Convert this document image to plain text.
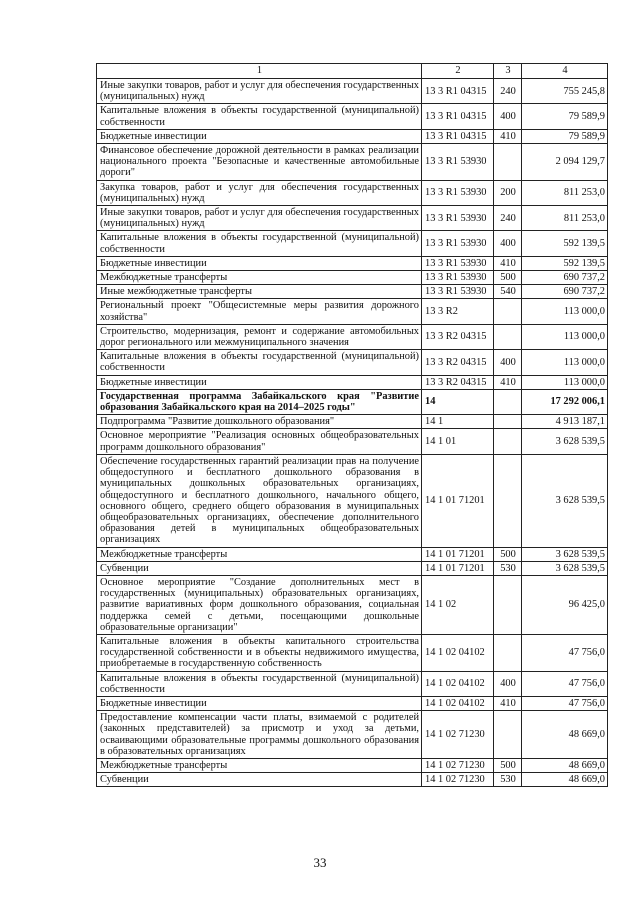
1	2	3	4
Иные закупки товаров, работ и услуг для обеспечения государственных (муниципальных) нужд	13 3 R1 04315	240	755 245,8
Капитальные вложения в объекты государственной (муниципальной) собственности	13 3 R1 04315	400	79 589,9
Бюджетные инвестиции	13 3 R1 04315	410	79 589,9
Финансовое обеспечение дорожной деятельности в рамках реализации национального проекта "Безопасные и качественные автомобильные дороги"	13 3 R1 53930		2 094 129,7
Закупка товаров, работ и услуг для обеспечения государственных (муниципальных) нужд	13 3 R1 53930	200	811 253,0
Иные закупки товаров, работ и услуг для обеспечения государственных (муниципальных) нужд	13 3 R1 53930	240	811 253,0
Капитальные вложения в объекты государственной (муниципальной) собственности	13 3 R1 53930	400	592 139,5
Бюджетные инвестиции	13 3 R1 53930	410	592 139,5
Межбюджетные трансферты	13 3 R1 53930	500	690 737,2
Иные межбюджетные трансферты	13 3 R1 53930	540	690 737,2
Региональный проект "Общесистемные меры развития дорожного хозяйства"	13 3 R2		113 000,0
Строительство, модернизация, ремонт и содержание автомобильных дорог регионального или межмуниципального значения	13 3 R2 04315		113 000,0
Капитальные вложения в объекты государственной (муниципальной) собственности	13 3 R2 04315	400	113 000,0
Бюджетные инвестиции	13 3 R2 04315	410	113 000,0
Государственная программа Забайкальского края "Развитие образования Забайкальского края на 2014–2025 годы"	14		17 292 006,1
Подпрограмма "Развитие дошкольного образования"	14 1		4 913 187,1
Основное мероприятие "Реализация основных общеобразовательных программ дошкольного образования"	14 1 01		3 628 539,5
Обеспечение государственных гарантий реализации прав на получение общедоступного и бесплатного дошкольного образования в муниципальных дошкольных образовательных организациях, общедоступного и бесплатного дошкольного, начального общего, основного общего, среднего общего образования в муниципальных общеобразовательных организациях, обеспечение дополнительного образования детей в муниципальных общеобразовательных организациях	14 1 01 71201		3 628 539,5
Межбюджетные трансферты	14 1 01 71201	500	3 628 539,5
Субвенции	14 1 01 71201	530	3 628 539,5
Основное мероприятие "Создание дополнительных мест в государственных (муниципальных) образовательных организациях, развитие вариативных форм дошкольного образования, социальная поддержка семей с детьми, посещающими дошкольные образовательные организации"	14 1 02		96 425,0
Капитальные вложения в объекты капитального строительства государственной собственности и в объекты недвижимого имущества, приобретаемые в государственную собственность	14 1 02 04102		47 756,0
Капитальные вложения в объекты государственной (муниципальной) собственности	14 1 02 04102	400	47 756,0
Бюджетные инвестиции	14 1 02 04102	410	47 756,0
Предоставление компенсации части платы, взимаемой с родителей (законных представителей) за присмотр и уход за детьми, осваивающими образовательные программы дошкольного образования в образовательных организациях	14 1 02 71230		48 669,0
Межбюджетные трансферты	14 1 02 71230	500	48 669,0
Субвенции	14 1 02 71230	530	48 669,0
33
